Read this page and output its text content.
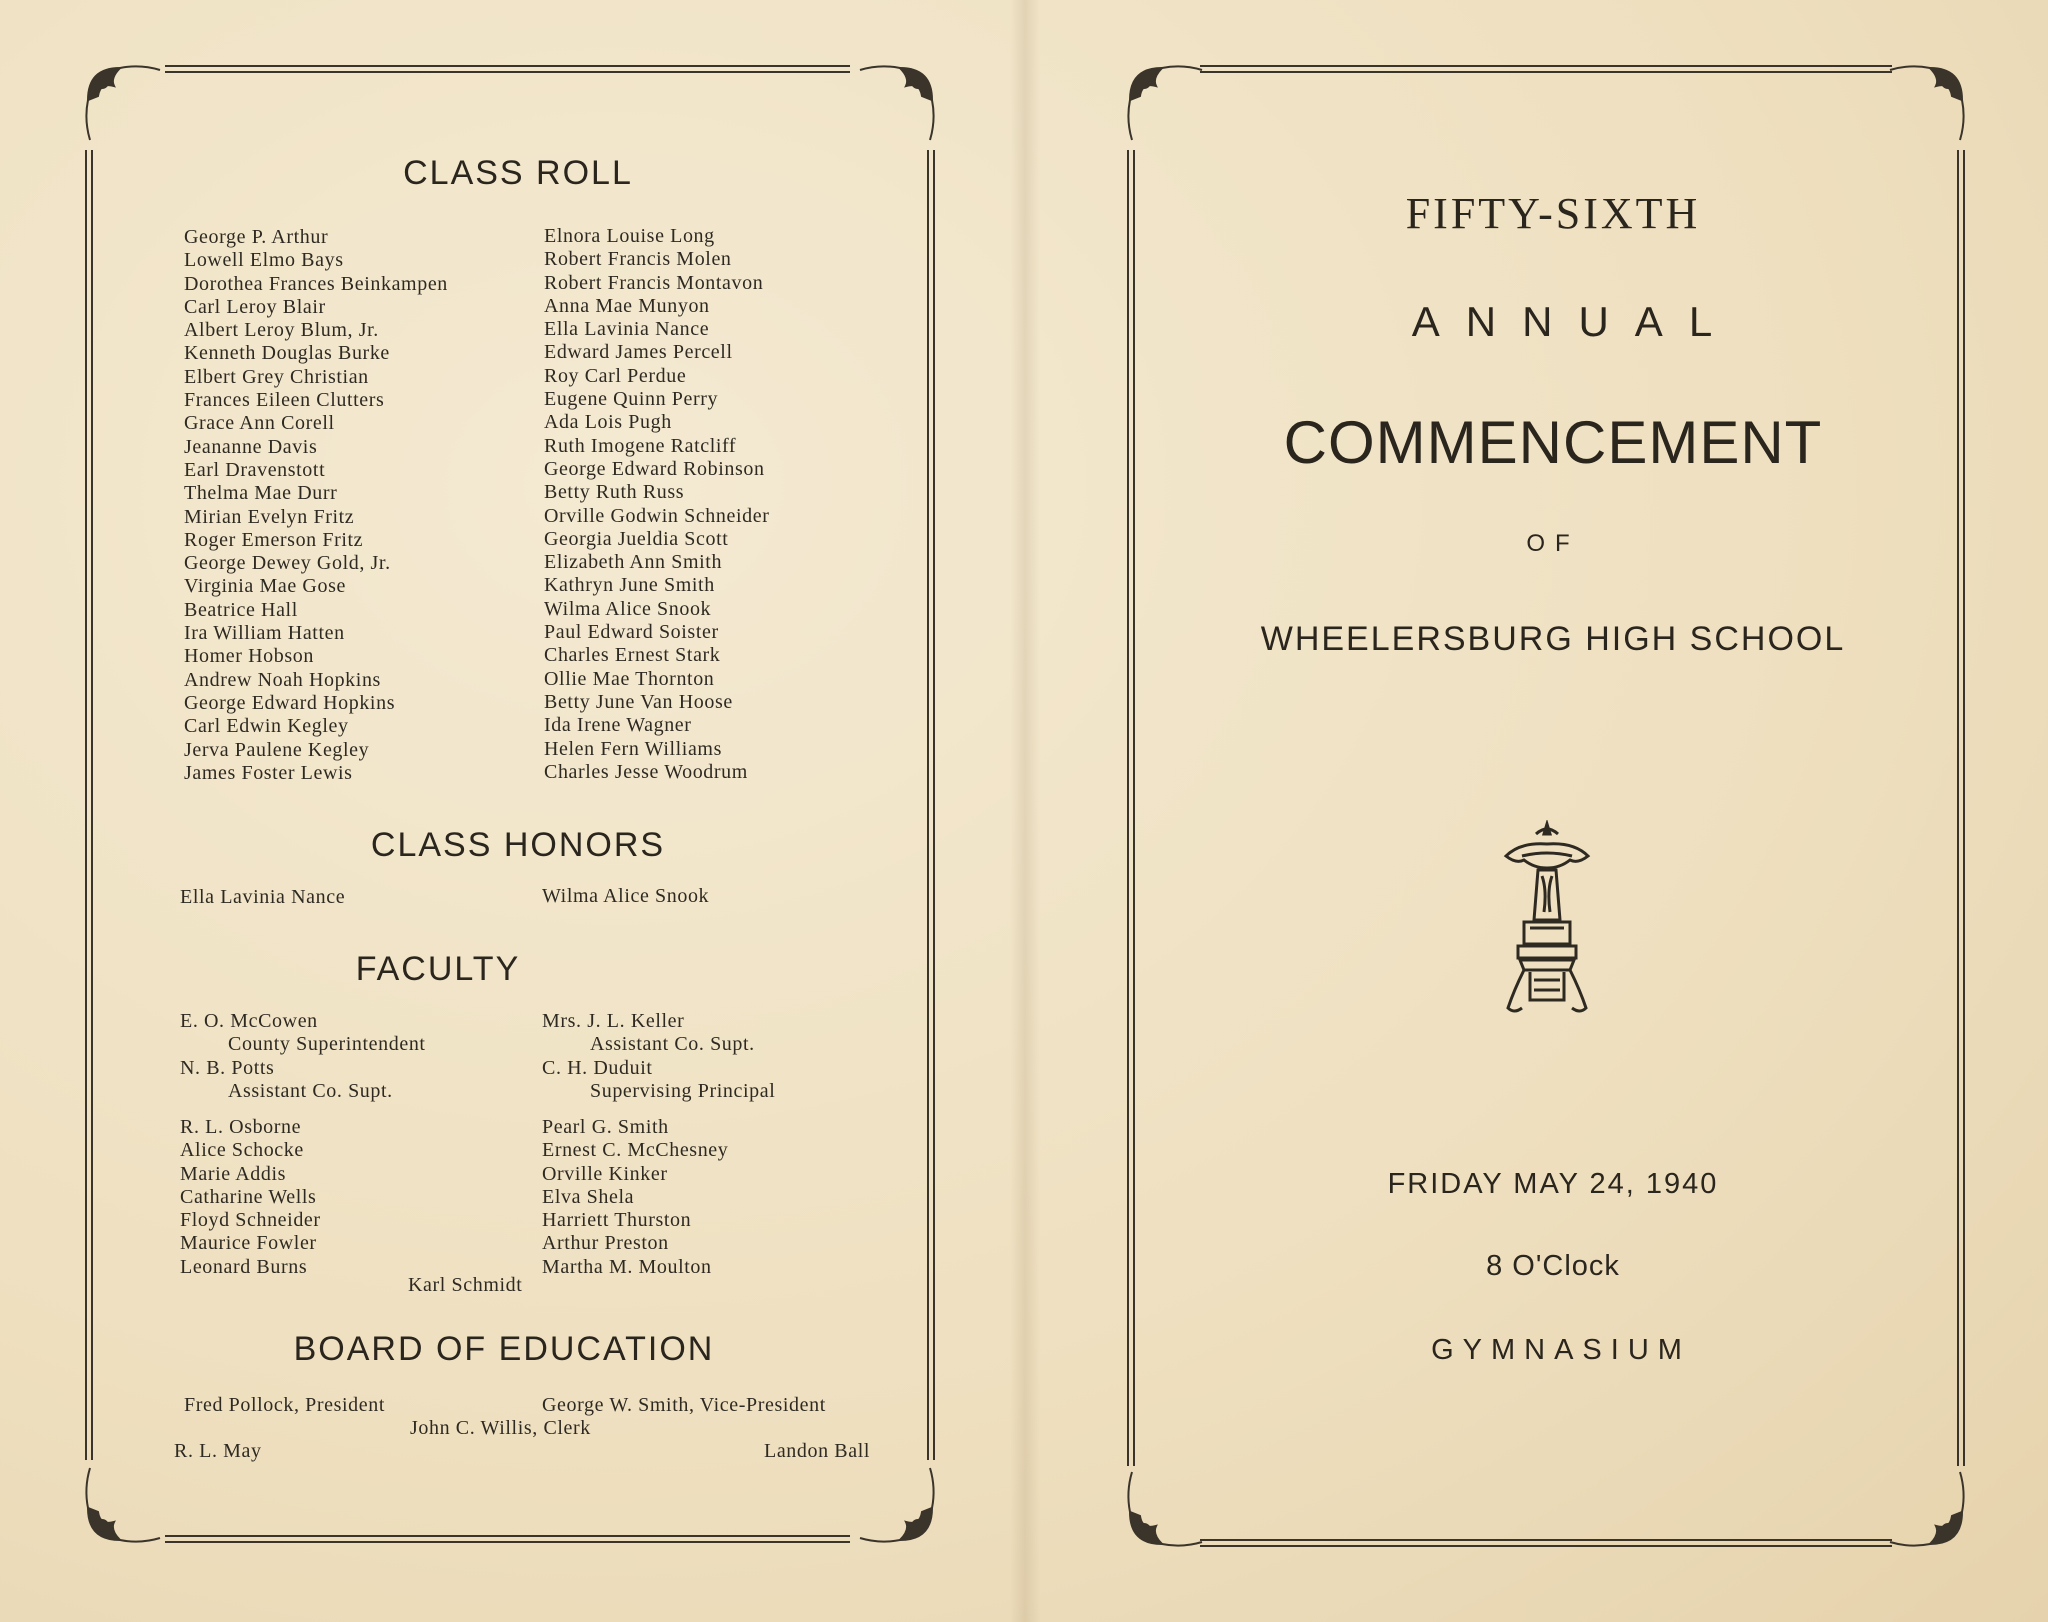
CLASS ROLL
George P. Arthur
Lowell Elmo Bays
Dorothea Frances Beinkampen
Carl Leroy Blair
Albert Leroy Blum, Jr.
Kenneth Douglas Burke
Elbert Grey Christian
Frances Eileen Clutters
Grace Ann Corell
Jeananne Davis
Earl Dravenstott
Thelma Mae Durr
Mirian Evelyn Fritz
Roger Emerson Fritz
George Dewey Gold, Jr.
Virginia Mae Gose
Beatrice Hall
Ira William Hatten
Homer Hobson
Andrew Noah Hopkins
George Edward Hopkins
Carl Edwin Kegley
Jerva Paulene Kegley
James Foster Lewis
Elnora Louise Long
Robert Francis Molen
Robert Francis Montavon
Anna Mae Munyon
Ella Lavinia Nance
Edward James Percell
Roy Carl Perdue
Eugene Quinn Perry
Ada Lois Pugh
Ruth Imogene Ratcliff
George Edward Robinson
Betty Ruth Russ
Orville Godwin Schneider
Georgia Jueldia Scott
Elizabeth Ann Smith
Kathryn June Smith
Wilma Alice Snook
Paul Edward Soister
Charles Ernest Stark
Ollie Mae Thornton
Betty June Van Hoose
Ida Irene Wagner
Helen Fern Williams
Charles Jesse Woodrum
CLASS HONORS
Ella Lavinia Nance	Wilma Alice Snook
FACULTY
E. O. McCowen
County Superintendent
N. B. Potts
Assistant Co. Supt.
Mrs. J. L. Keller
Assistant Co. Supt.
C. H. Duduit
Supervising Principal
R. L. Osborne
Alice Schocke
Marie Addis
Catharine Wells
Floyd Schneider
Maurice Fowler
Leonard Burns
Pearl G. Smith
Ernest C. McChesney
Orville Kinker
Elva Shela
Harriett Thurston
Arthur Preston
Martha M. Moulton
Karl Schmidt
BOARD OF EDUCATION
Fred Pollock, President	George W. Smith, Vice-President
John C. Willis, Clerk
R. L. May	Landon Ball
FIFTY-SIXTH
ANNUAL
COMMENCEMENT
OF
WHEELERSBURG HIGH SCHOOL
FRIDAY MAY 24, 1940
8 O'Clock
GYMNASIUM
